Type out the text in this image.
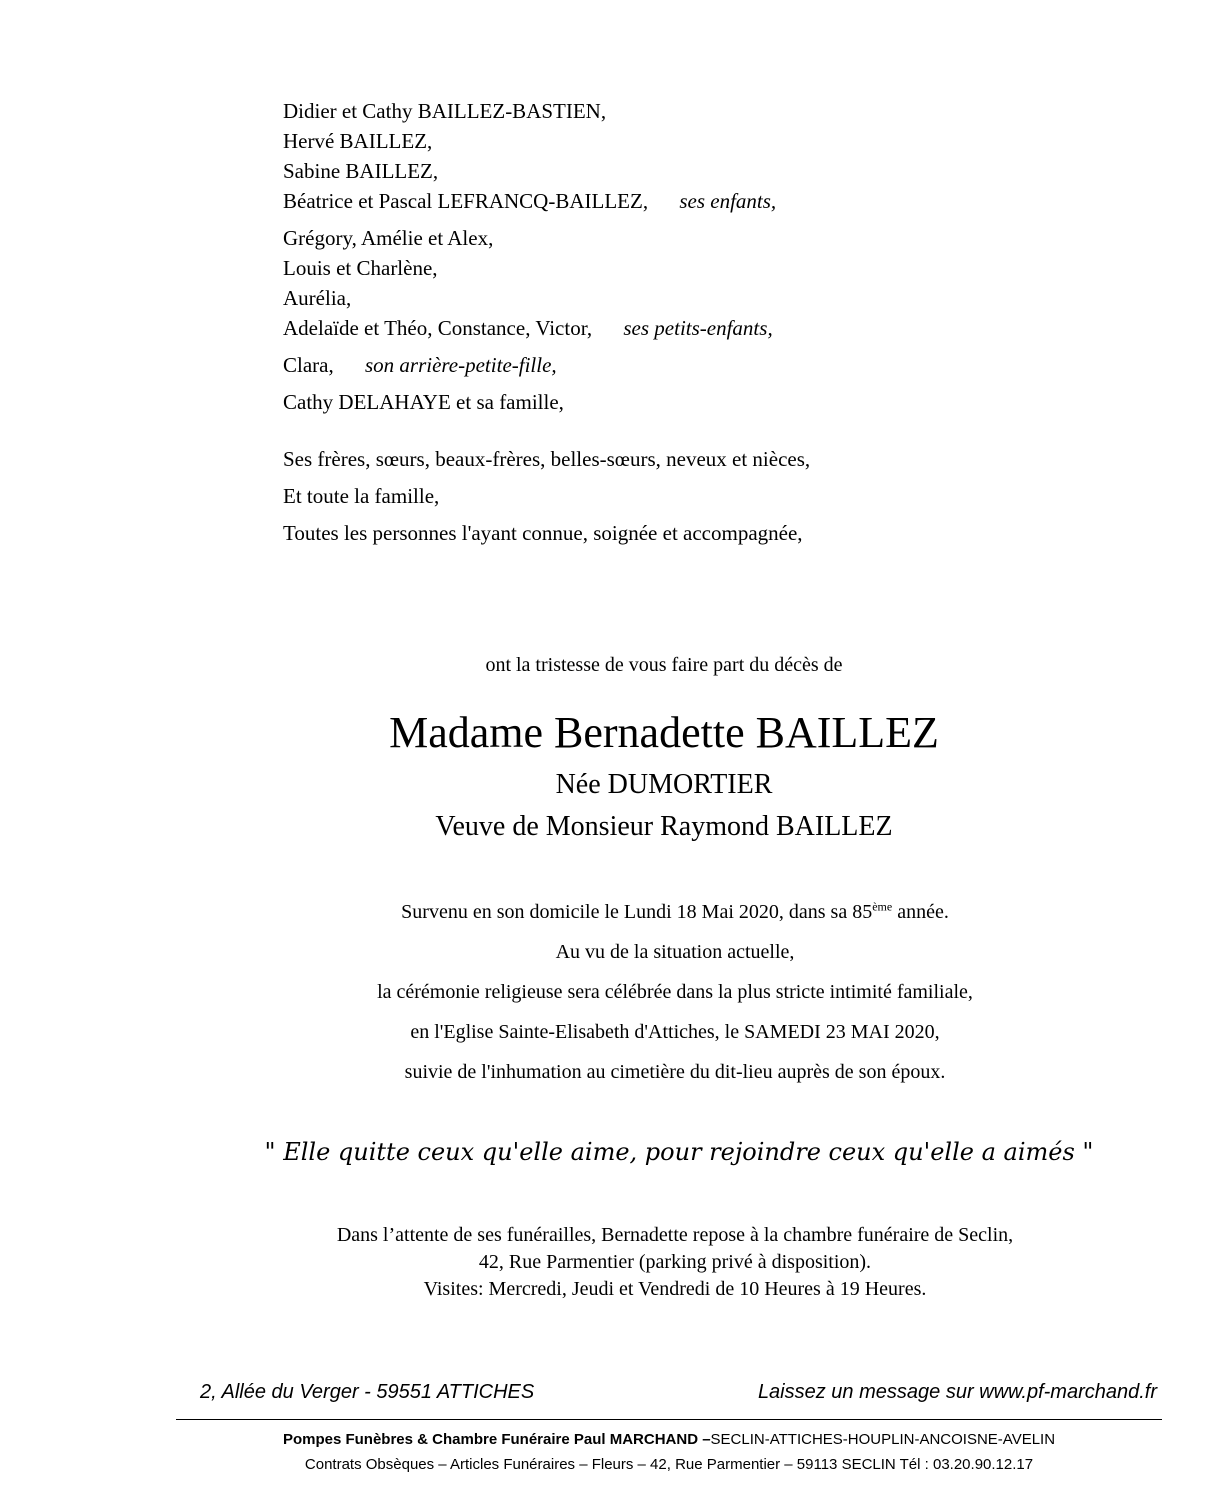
Didier et Cathy BAILLEZ-BASTIEN,
Hervé BAILLEZ,
Sabine BAILLEZ,
Béatrice et Pascal LEFRANCQ-BAILLEZ, ses enfants,
Grégory, Amélie et Alex,
Louis et Charlène,
Aurélia,
Adelaïde et Théo, Constance, Victor, ses petits-enfants,
Clara, son arrière-petite-fille,
Cathy DELAHAYE et sa famille,
Ses frères, sœurs, beaux-frères, belles-sœurs, neveux et nièces,
Et toute la famille,
Toutes les personnes l'ayant connue, soignée et accompagnée,
ont la tristesse de vous faire part du décès de
Madame Bernadette BAILLEZ
Née DUMORTIER
Veuve de Monsieur Raymond BAILLEZ
Survenu en son domicile le Lundi 18 Mai 2020, dans sa 85ème année.
Au vu de la situation actuelle,
la cérémonie religieuse sera célébrée dans la plus stricte intimité familiale,
en l'Eglise Sainte-Elisabeth d'Attiches, le SAMEDI 23 MAI 2020,
suivie de l'inhumation au cimetière du dit-lieu auprès de son époux.
" Elle quitte ceux qu'elle aime, pour rejoindre ceux qu'elle a aimés "
Dans l’attente de ses funérailles, Bernadette repose à la chambre funéraire de Seclin,
42, Rue Parmentier (parking privé à disposition).
Visites: Mercredi, Jeudi et Vendredi de 10 Heures à 19 Heures.
2, Allée du Verger - 59551 ATTICHES	Laissez un message sur www.pf-marchand.fr
Pompes Funèbres & Chambre Funéraire Paul MARCHAND –SECLIN-ATTICHES-HOUPLIN-ANCOISNE-AVELIN
Contrats Obsèques – Articles Funéraires – Fleurs – 42, Rue Parmentier – 59113 SECLIN Tél : 03.20.90.12.17
